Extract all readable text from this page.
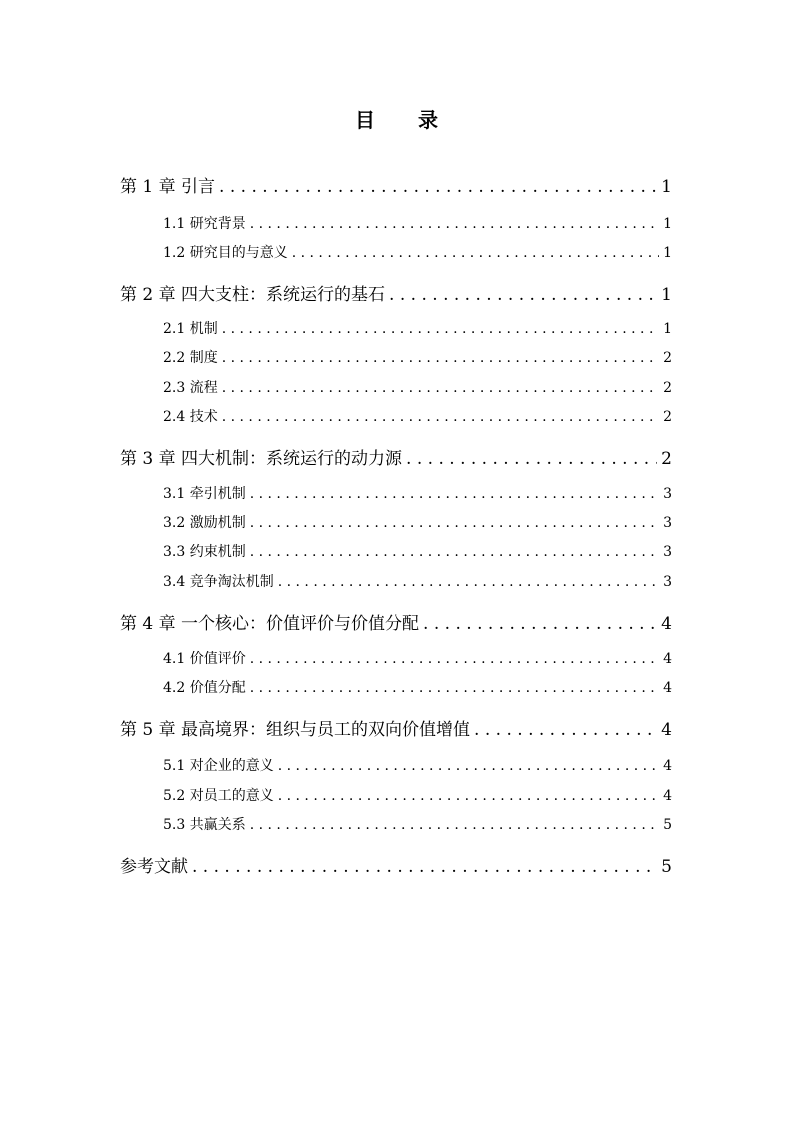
目 录
第 1 章 引言 . . .	1
1.1 研究背景 . . .	1
1.2 研究目的与意义 . . .	1
第 2 章 四大支柱：系统运行的基石 . . .	1
2.1 机制 . . .	1
2.2 制度 . . .	2
2.3 流程 . . .	2
2.4 技术 . . .	2
第 3 章 四大机制：系统运行的动力源 . . .	2
3.1 牵引机制 . . .	3
3.2 激励机制 . . .	3
3.3 约束机制 . . .	3
3.4 竞争淘汰机制 . . .	3
第 4 章 一个核心：价值评价与价值分配 . . .	4
4.1 价值评价 . . .	4
4.2 价值分配 . . .	4
第 5 章 最高境界：组织与员工的双向价值增值 . . .	4
5.1 对企业的意义 . . .	4
5.2 对员工的意义 . . .	4
5.3 共赢关系 . . .	5
参考文献 . . .	5
